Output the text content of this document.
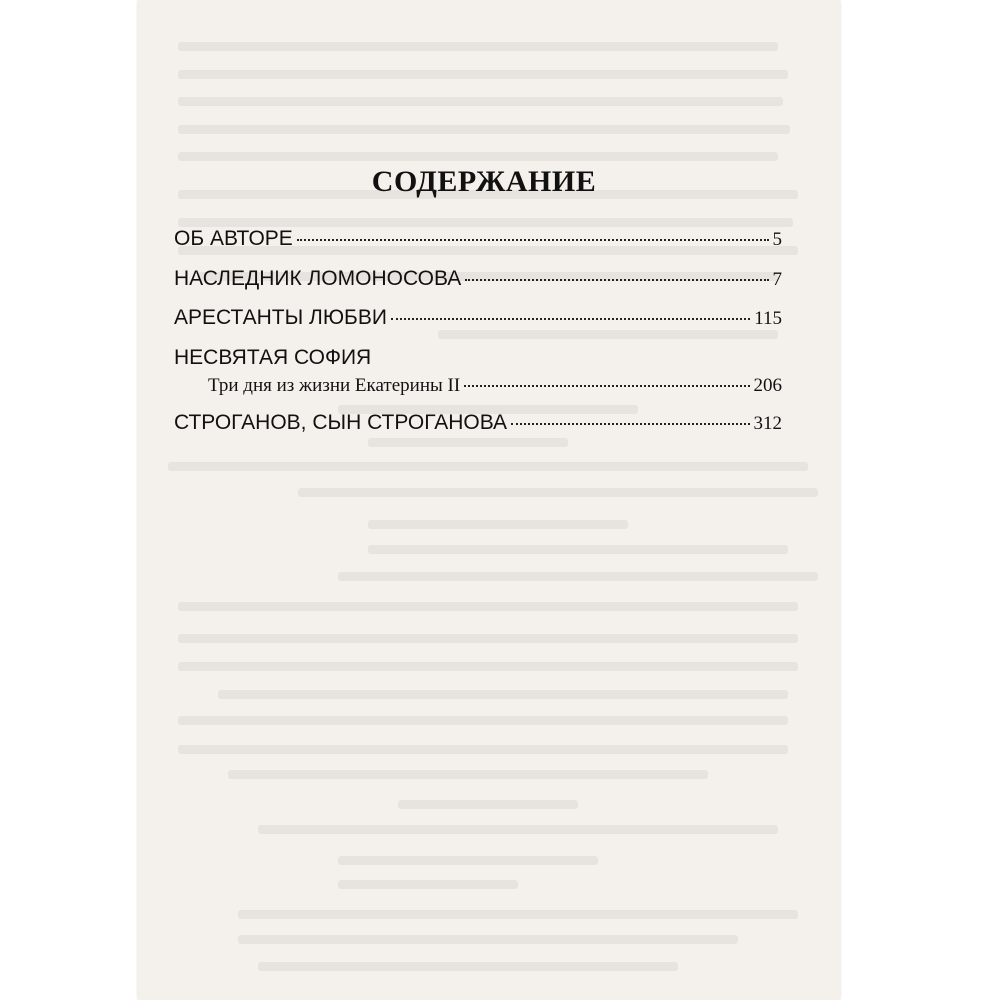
СОДЕРЖАНИЕ
ОБ АВТОРЕ	5
НАСЛЕДНИК ЛОМОНОСОВА	7
АРЕСТАНТЫ ЛЮБВИ	115
НЕСВЯТАЯ СОФИЯ
Три дня из жизни Екатерины II	206
СТРОГАНОВ, СЫН СТРОГАНОВА	312
